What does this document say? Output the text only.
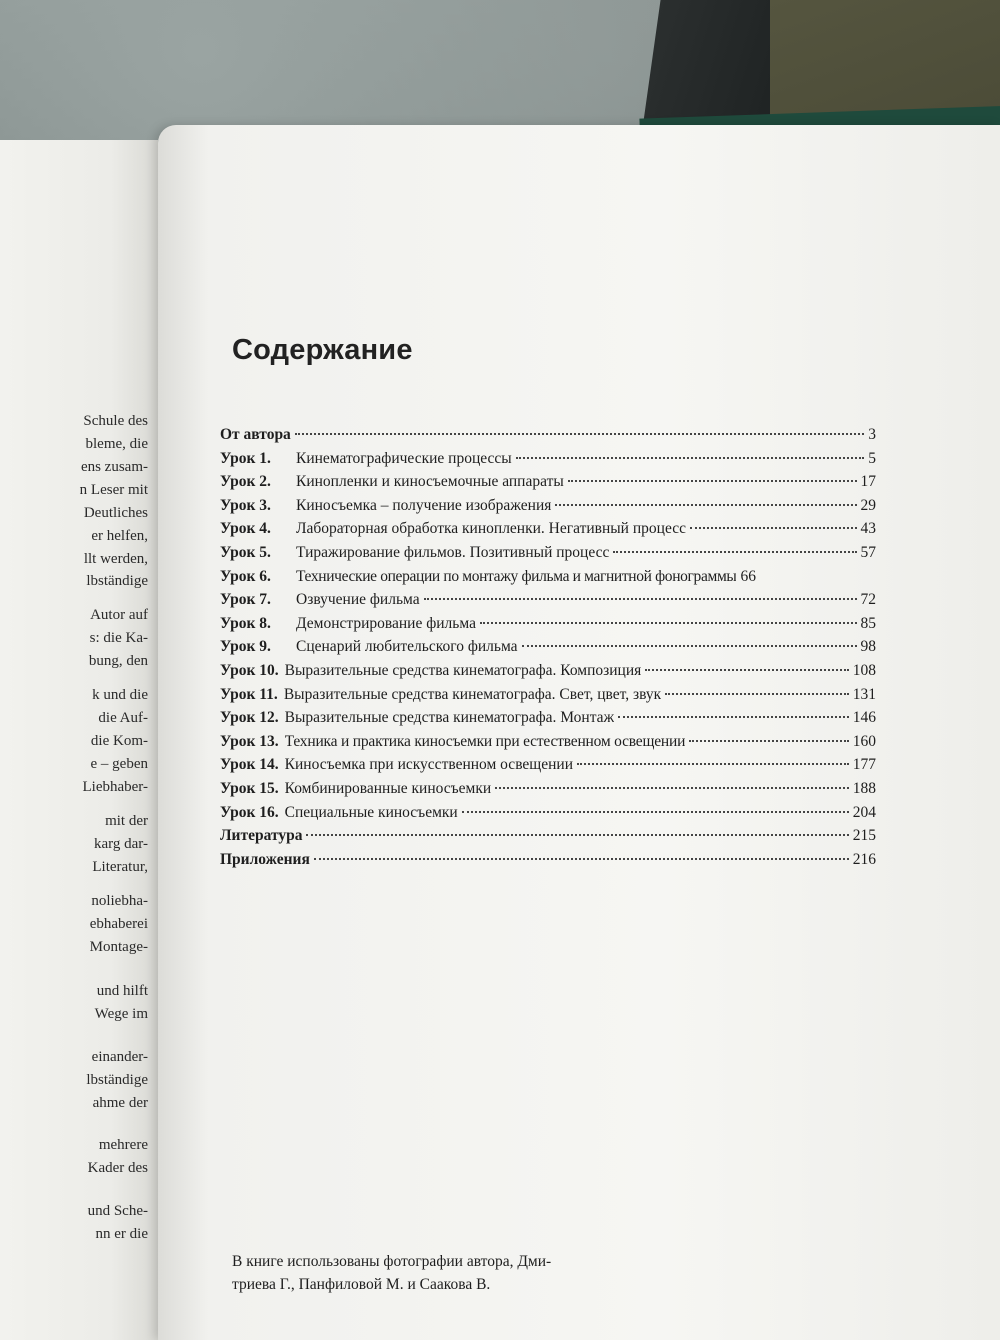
Schule des
bleme, die
ens zusam-
n Leser mit
Deutliches
er helfen,
llt werden,
lbständige
Autor auf
s: die Ka-
bung, den
k und die
die Auf-
die Kom-
e – geben
Liebhaber-
mit der
karg dar-
Literatur,
noliebha-
ebhaberei
Montage-
und hilft
Wege im
einander-
lbständige
ahme der
mehrere
Kader des
und Sche-
nn er die
Содержание
От автора	3
Урок 1.	Кинематографические процессы	5
Урок 2.	Кинопленки и киносъемочные аппараты	17
Урок 3.	Киносъемка – получение изображения	29
Урок 4.	Лабораторная обработка кинопленки. Негативный процесс	43
Урок 5.	Тиражирование фильмов. Позитивный процесс	57
Урок 6.	Технические операции по монтажу фильма и магнитной фонограммы 66
Урок 7.	Озвучение фильма	72
Урок 8.	Демонстрирование фильма	85
Урок 9.	Сценарий любительского фильма	98
Урок 10. Выразительные средства кинематографа. Композиция	108
Урок 11. Выразительные средства кинематографа. Свет, цвет, звук	131
Урок 12. Выразительные средства кинематографа. Монтаж	146
Урок 13. Техника и практика киносъемки при естественном освещении	160
Урок 14. Киносъемка при искусственном освещении	177
Урок 15. Комбинированные киносъемки	188
Урок 16. Специальные киносъемки	204
Литература	215
Приложения	216

В книге использованы фотографии автора, Дми-
триева Г., Панфиловой М. и Саакова В.
